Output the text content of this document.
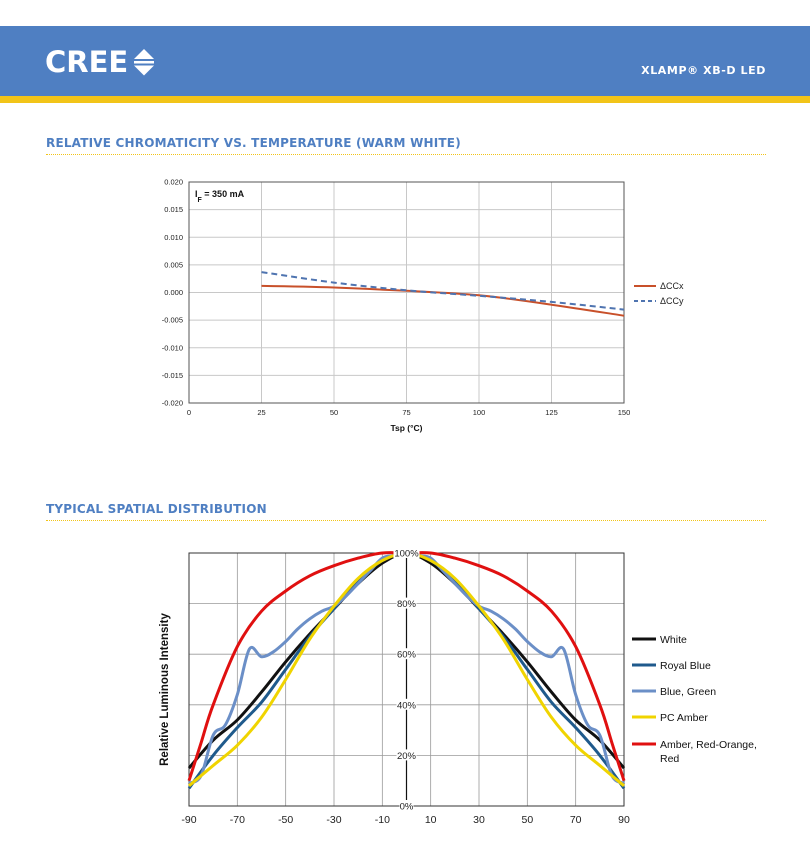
CREE	XLAMP® XB-D LED
RELATIVE CHROMATICITY VS. TEMPERATURE (WARM WHITE)
0.020
0.015
0.010
0.005
0.000
-0.005
-0.010
-0.015
-0.020
0	25	50	75	100	125	150
Tsp (°C)
$I_F = 350$ mA
ΔCCx
ΔCCy
TYPICAL SPATIAL DISTRIBUTION
0%
20%
40%
60%
80%
100%
-90	-70	-50	-30	-10	10	30	50	70	90
Relative Luminous Intensity	White
Royal Blue
Blue, Green
PC Amber
Amber, Red-Orange, Red
